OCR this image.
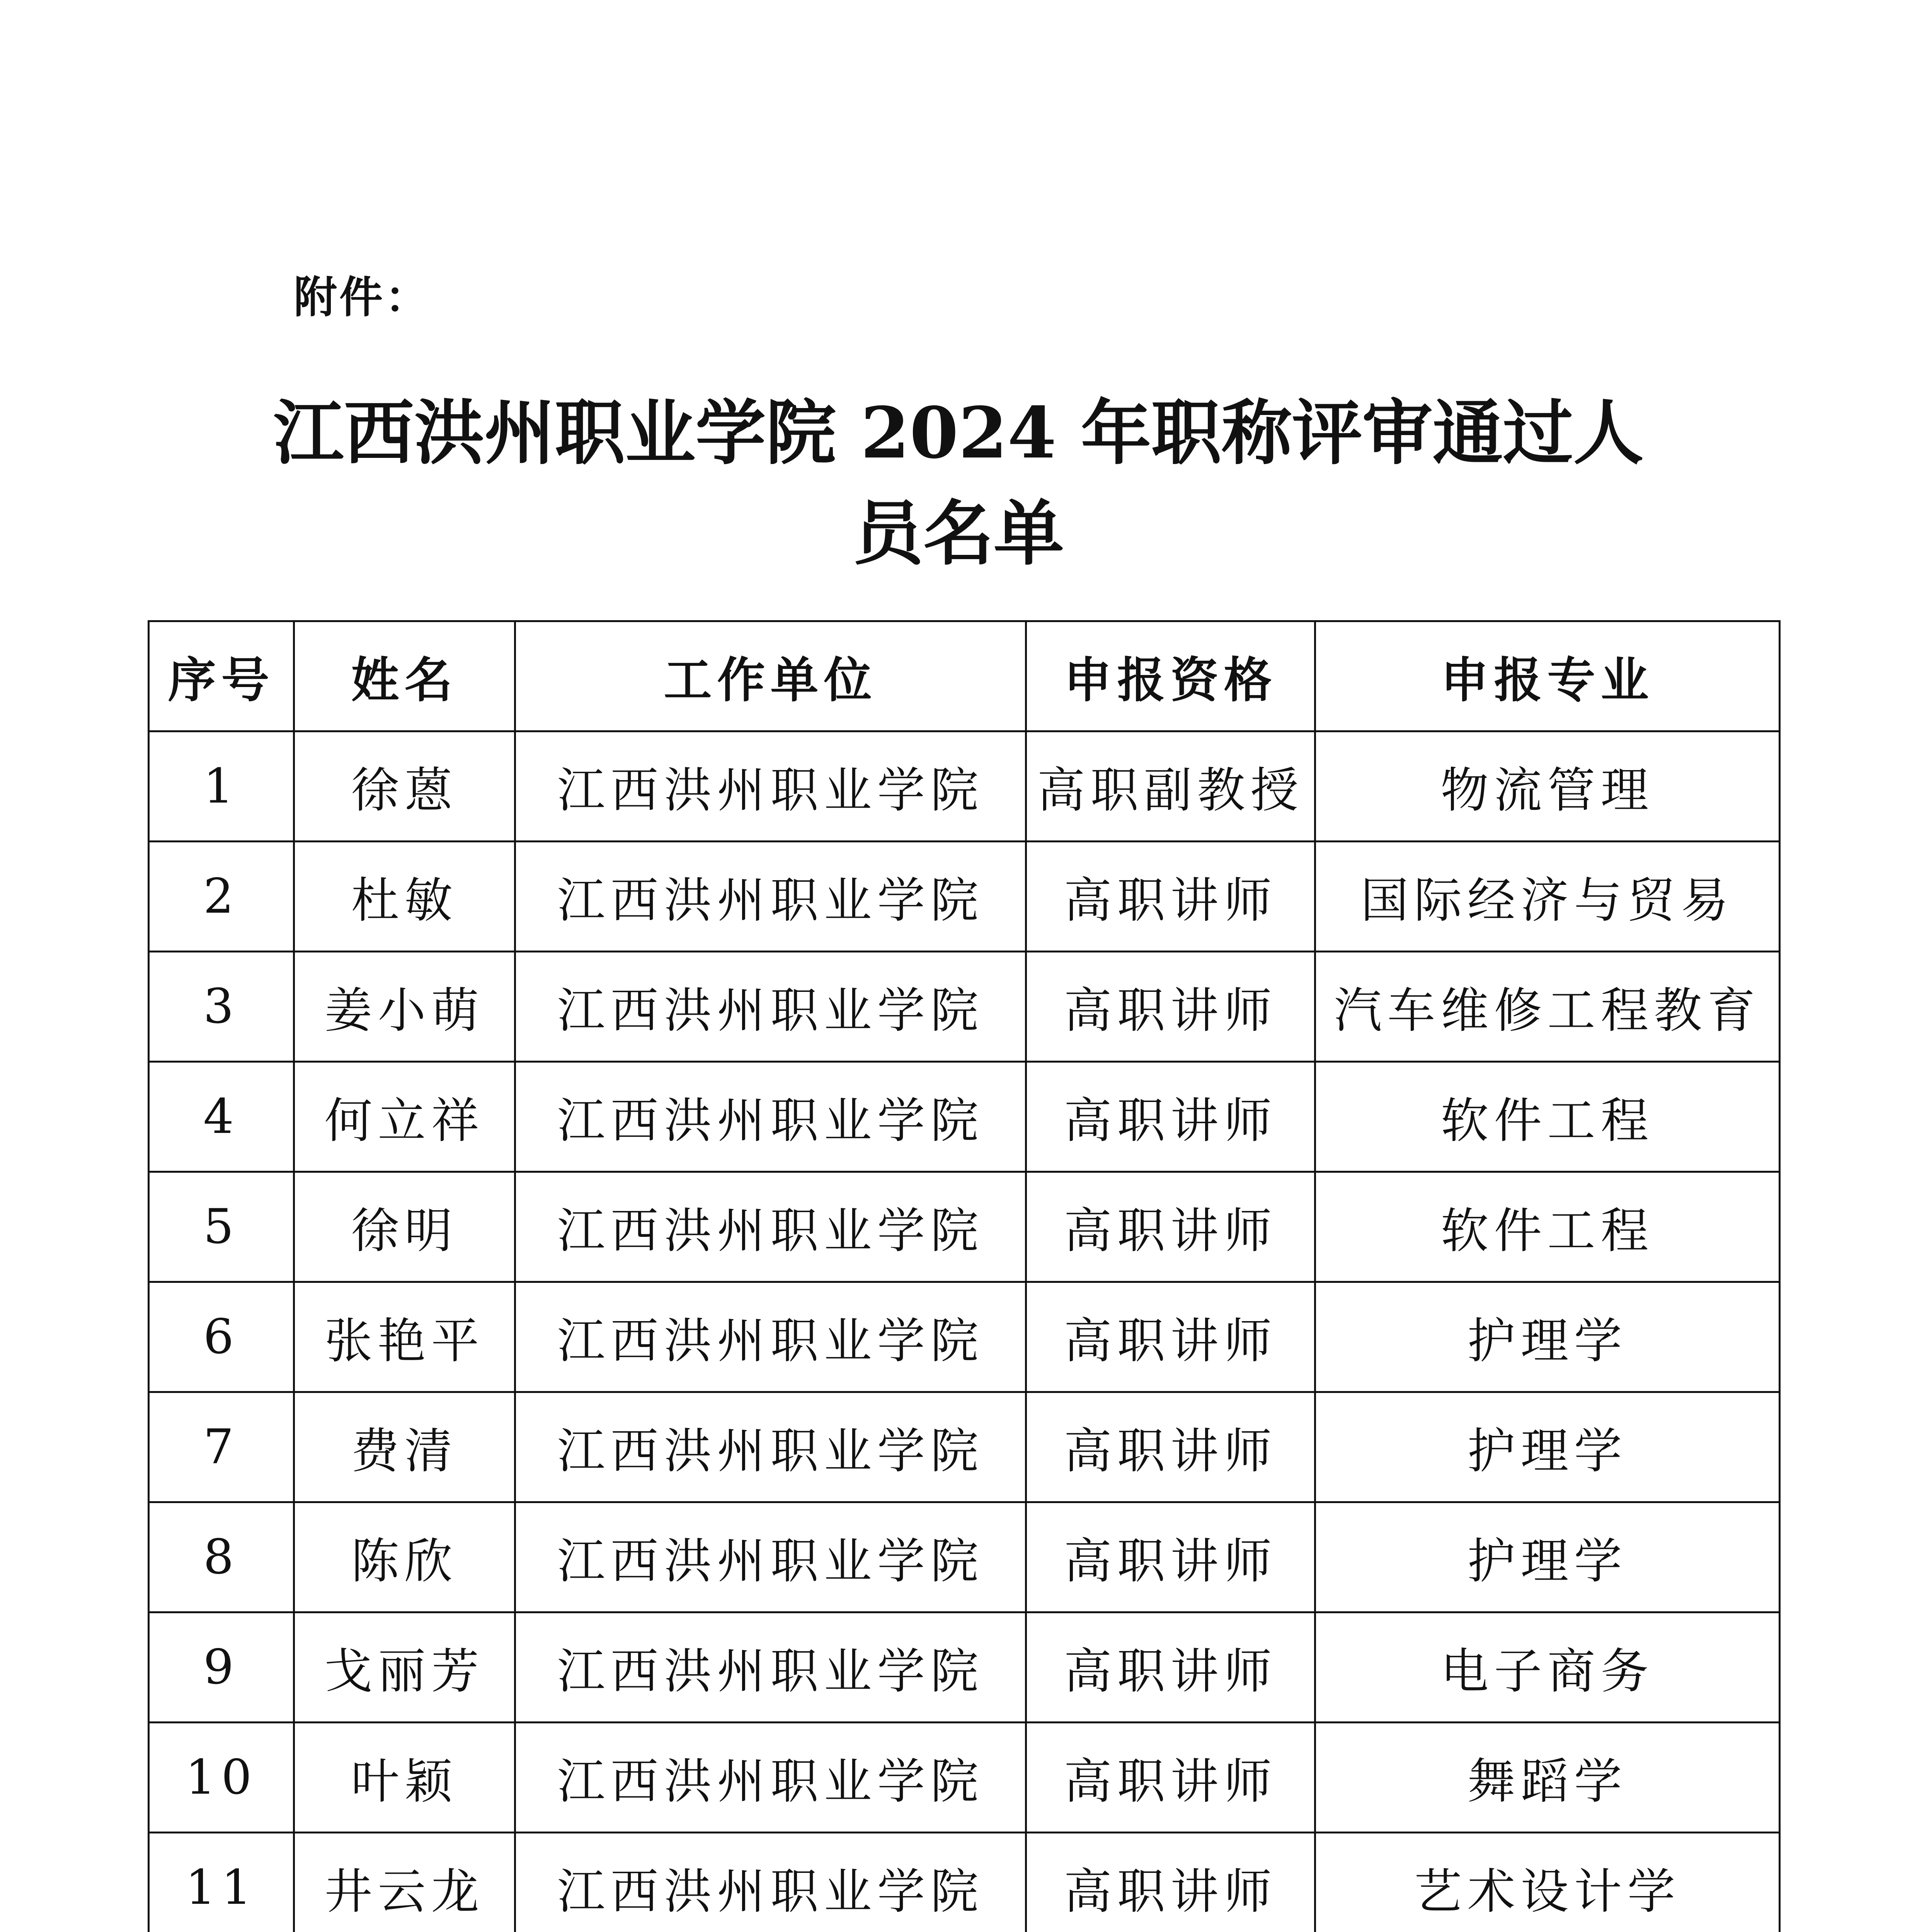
附件：
江西洪州职业学院 2024 年职称评审通过人
员名单
序号	姓名	工作单位	申报资格	申报专业
1	徐蒽	江西洪州职业学院	高职副教授	物流管理
2	杜敏	江西洪州职业学院	高职讲师	国际经济与贸易
3	姜小萌	江西洪州职业学院	高职讲师	汽车维修工程教育
4	何立祥	江西洪州职业学院	高职讲师	软件工程
5	徐明	江西洪州职业学院	高职讲师	软件工程
6	张艳平	江西洪州职业学院	高职讲师	护理学
7	费清	江西洪州职业学院	高职讲师	护理学
8	陈欣	江西洪州职业学院	高职讲师	护理学
9	戈丽芳	江西洪州职业学院	高职讲师	电子商务
10	叶颖	江西洪州职业学院	高职讲师	舞蹈学
11	井云龙	江西洪州职业学院	高职讲师	艺术设计学
